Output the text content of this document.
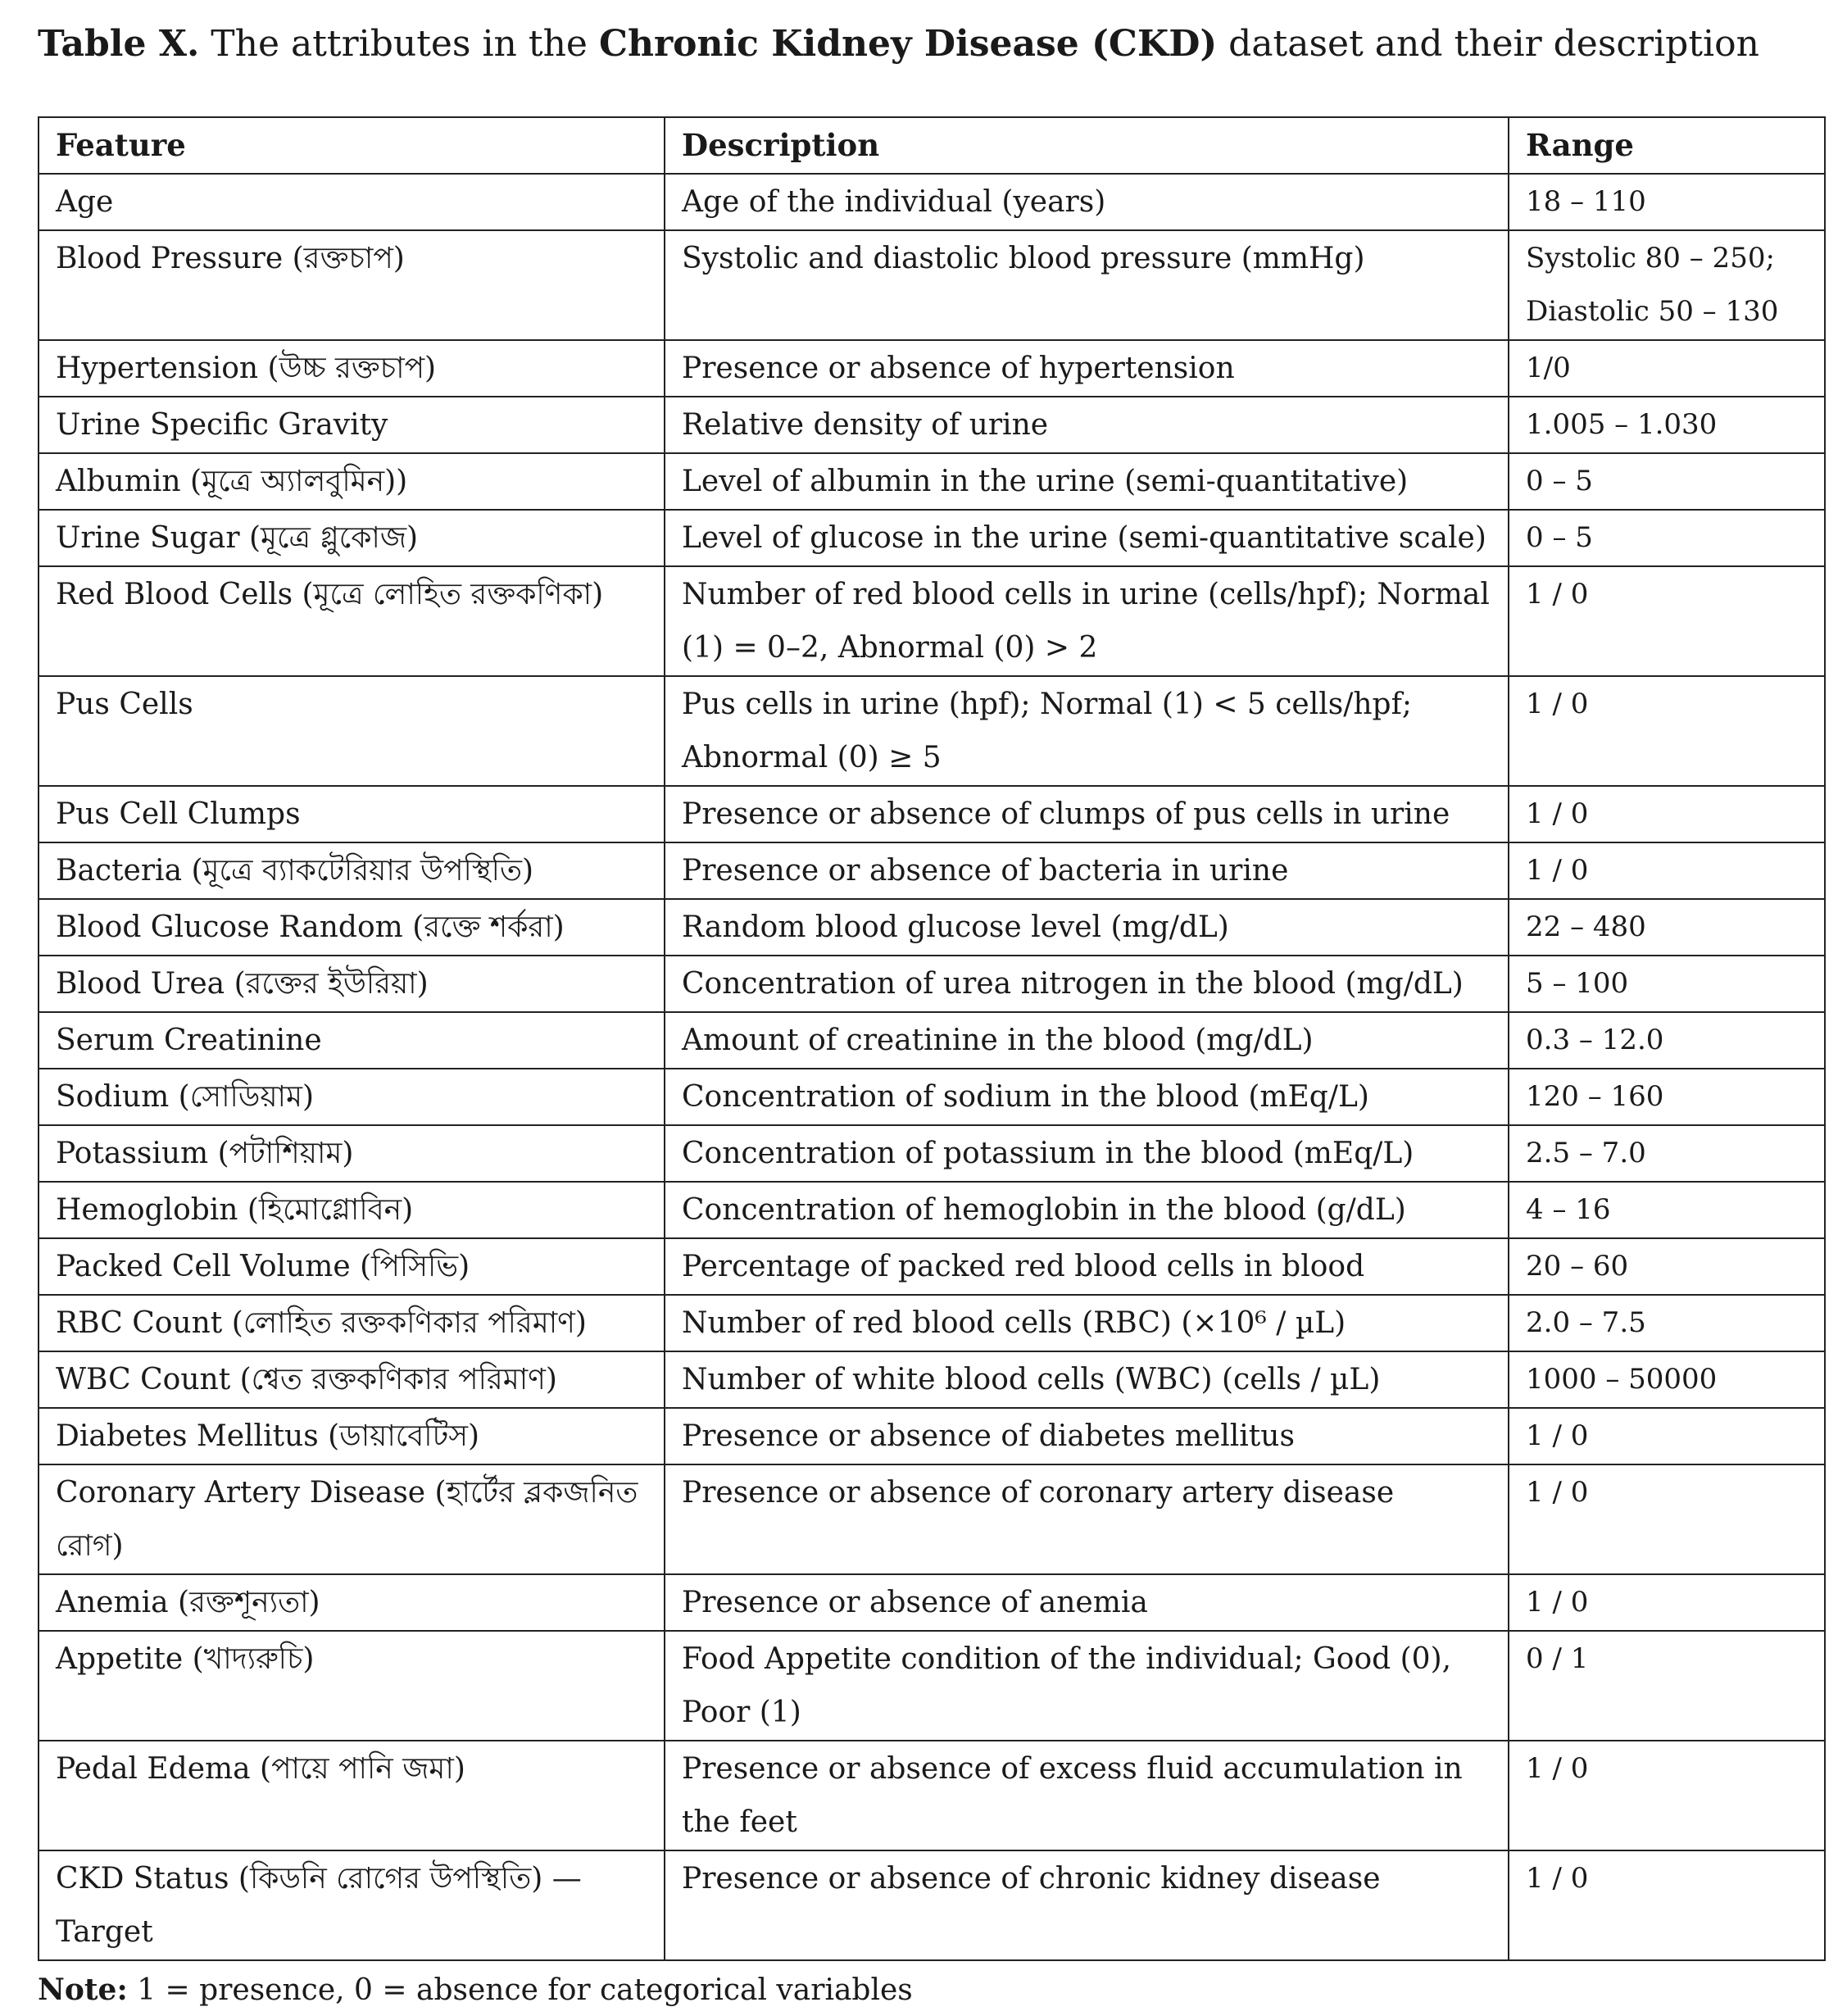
Table X. The attributes in the Chronic Kidney Disease (CKD) dataset and their description
Feature	Description	Range
Age	Age of the individual (years)	18 – 110
Blood Pressure (রক্তচাপ)	Systolic and diastolic blood pressure (mmHg)	Systolic 80 – 250; Diastolic 50 – 130
Hypertension (উচ্চ রক্তচাপ)	Presence or absence of hypertension	1/0
Urine Specific Gravity	Relative density of urine	1.005 – 1.030
Albumin (মূত্রে অ্যালবুমিন))	Level of albumin in the urine (semi-quantitative)	0 – 5
Urine Sugar (মূত্রে গ্লুকোজ)	Level of glucose in the urine (semi-quantitative scale)	0 – 5
Red Blood Cells (মূত্রে লোহিত রক্তকণিকা)	Number of red blood cells in urine (cells/hpf); Normal (1) = 0–2, Abnormal (0) > 2	1 / 0
Pus Cells	Pus cells in urine (hpf); Normal (1) < 5 cells/hpf; Abnormal (0) ≥ 5	1 / 0
Pus Cell Clumps	Presence or absence of clumps of pus cells in urine	1 / 0
Bacteria (মূত্রে ব্যাকটেরিয়ার উপস্থিতি)	Presence or absence of bacteria in urine	1 / 0
Blood Glucose Random (রক্তে শর্করা)	Random blood glucose level (mg/dL)	22 – 480
Blood Urea (রক্তের ইউরিয়া)	Concentration of urea nitrogen in the blood (mg/dL)	5 – 100
Serum Creatinine	Amount of creatinine in the blood (mg/dL)	0.3 – 12.0
Sodium (সোডিয়াম)	Concentration of sodium in the blood (mEq/L)	120 – 160
Potassium (পটাশিয়াম)	Concentration of potassium in the blood (mEq/L)	2.5 – 7.0
Hemoglobin (হিমোগ্লোবিন)	Concentration of hemoglobin in the blood (g/dL)	4 – 16
Packed Cell Volume (পিসিভি)	Percentage of packed red blood cells in blood	20 – 60
RBC Count (লোহিত রক্তকণিকার পরিমাণ)	Number of red blood cells (RBC) (×10⁶ / µL)	2.0 – 7.5
WBC Count (শ্বেত রক্তকণিকার পরিমাণ)	Number of white blood cells (WBC) (cells / µL)	1000 – 50000
Diabetes Mellitus (ডায়াবেটিস)	Presence or absence of diabetes mellitus	1 / 0
Coronary Artery Disease (হার্টের ব্লকজনিত রোগ)	Presence or absence of coronary artery disease	1 / 0
Anemia (রক্তশূন্যতা)	Presence or absence of anemia	1 / 0
Appetite (খাদ্যরুচি)	Food Appetite condition of the individual; Good (0), Poor (1)	0 / 1
Pedal Edema (পায়ে পানি জমা)	Presence or absence of excess fluid accumulation in the feet	1 / 0
CKD Status (কিডনি রোগের উপস্থিতি) — Target	Presence or absence of chronic kidney disease	1 / 0
Note: 1 = presence, 0 = absence for categorical variables
